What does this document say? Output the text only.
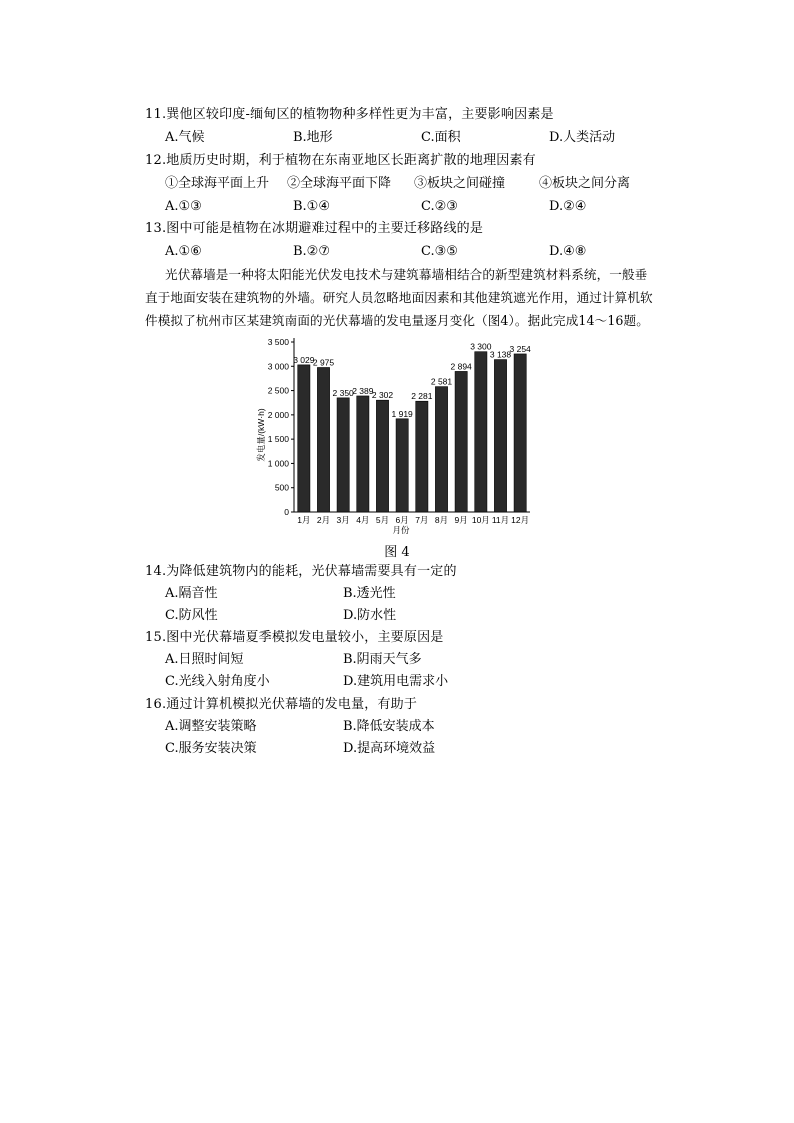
11.巽他区较印度-缅甸区的植物物种多样性更为丰富，主要影响因素是
A.气候	B.地形	C.面积	D.人类活动
12.地质历史时期，利于植物在东南亚地区长距离扩散的地理因素有
①全球海平面上升 ②全球海平面下降 ③板块之间碰撞	④板块之间分离
A.①③	B.①④	C.②③	D.②④
13.图中可能是植物在冰期避难过程中的主要迁移路线的是
A.①⑥	B.②⑦	C.③⑤	D.④⑧
光伏幕墙是一种将太阳能光伏发电技术与建筑幕墙相结合的新型建筑材料系统，一般垂
直于地面安装在建筑物的外墙。研究人员忽略地面因素和其他建筑遮光作用，通过计算机软
件模拟了杭州市区某建筑南面的光伏幕墙的发电量逐月变化（图4）。据此完成14～16题。
0
500
1 000
1 500
2 000
2 500
3 000
3 500
1月 2月 3月 4月 5月 6月 7月 8月 9月 10月 11月 12月
3 029
2 975
2 350
2 389
2 302
1 919
2 281
2 581
2 894
3 300
3 138
3 254
发电量/(kW·h)
月份
图 4
14.为降低建筑物内的能耗，光伏幕墙需要具有一定的
A.隔音性	B.透光性
C.防风性	D.防水性
15.图中光伏幕墙夏季模拟发电量较小，主要原因是
A.日照时间短	B.阴雨天气多
C.光线入射角度小	D.建筑用电需求小
16.通过计算机模拟光伏幕墙的发电量，有助于
A.调整安装策略	B.降低安装成本
C.服务安装决策	D.提高环境效益
